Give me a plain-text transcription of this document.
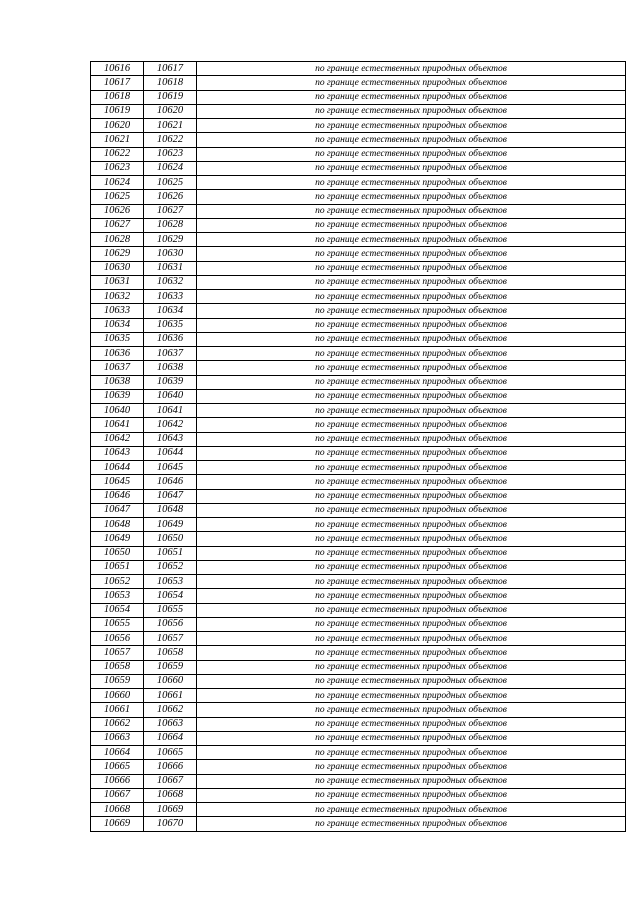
10616	10617	по границе естественных природных объектов
10617	10618	по границе естественных природных объектов
10618	10619	по границе естественных природных объектов
10619	10620	по границе естественных природных объектов
10620	10621	по границе естественных природных объектов
10621	10622	по границе естественных природных объектов
10622	10623	по границе естественных природных объектов
10623	10624	по границе естественных природных объектов
10624	10625	по границе естественных природных объектов
10625	10626	по границе естественных природных объектов
10626	10627	по границе естественных природных объектов
10627	10628	по границе естественных природных объектов
10628	10629	по границе естественных природных объектов
10629	10630	по границе естественных природных объектов
10630	10631	по границе естественных природных объектов
10631	10632	по границе естественных природных объектов
10632	10633	по границе естественных природных объектов
10633	10634	по границе естественных природных объектов
10634	10635	по границе естественных природных объектов
10635	10636	по границе естественных природных объектов
10636	10637	по границе естественных природных объектов
10637	10638	по границе естественных природных объектов
10638	10639	по границе естественных природных объектов
10639	10640	по границе естественных природных объектов
10640	10641	по границе естественных природных объектов
10641	10642	по границе естественных природных объектов
10642	10643	по границе естественных природных объектов
10643	10644	по границе естественных природных объектов
10644	10645	по границе естественных природных объектов
10645	10646	по границе естественных природных объектов
10646	10647	по границе естественных природных объектов
10647	10648	по границе естественных природных объектов
10648	10649	по границе естественных природных объектов
10649	10650	по границе естественных природных объектов
10650	10651	по границе естественных природных объектов
10651	10652	по границе естественных природных объектов
10652	10653	по границе естественных природных объектов
10653	10654	по границе естественных природных объектов
10654	10655	по границе естественных природных объектов
10655	10656	по границе естественных природных объектов
10656	10657	по границе естественных природных объектов
10657	10658	по границе естественных природных объектов
10658	10659	по границе естественных природных объектов
10659	10660	по границе естественных природных объектов
10660	10661	по границе естественных природных объектов
10661	10662	по границе естественных природных объектов
10662	10663	по границе естественных природных объектов
10663	10664	по границе естественных природных объектов
10664	10665	по границе естественных природных объектов
10665	10666	по границе естественных природных объектов
10666	10667	по границе естественных природных объектов
10667	10668	по границе естественных природных объектов
10668	10669	по границе естественных природных объектов
10669	10670	по границе естественных природных объектов
